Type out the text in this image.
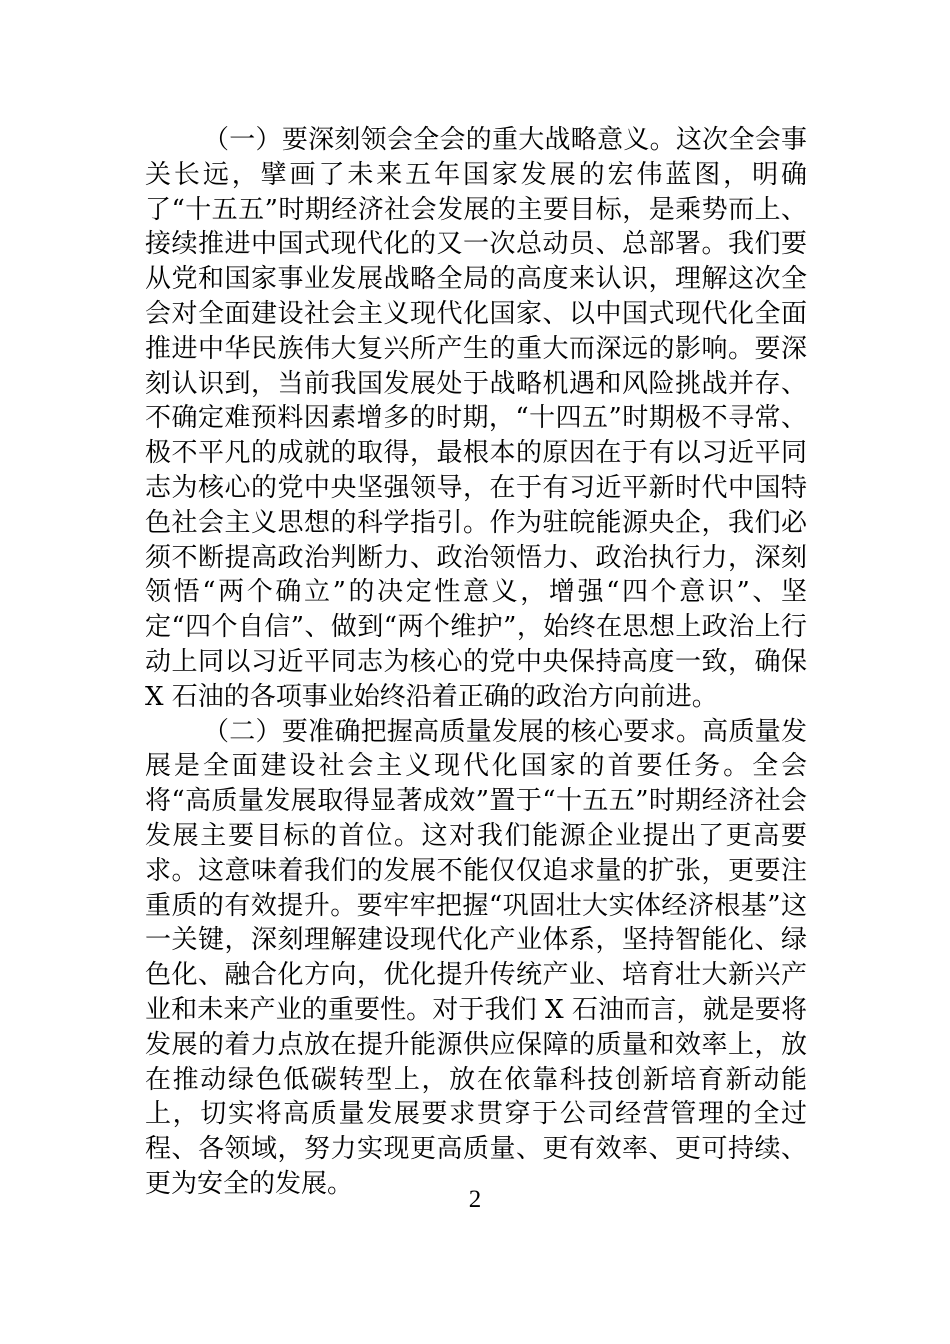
（一）要深刻领会全会的重大战略意义。这次全会事关长远，擘画了未来五年国家发展的宏伟蓝图，明确了“十五五”时期经济社会发展的主要目标，是乘势而上、接续推进中国式现代化的又一次总动员、总部署。我们要从党和国家事业发展战略全局的高度来认识，理解这次全会对全面建设社会主义现代化国家、以中国式现代化全面推进中华民族伟大复兴所产生的重大而深远的影响。要深刻认识到，当前我国发展处于战略机遇和风险挑战并存、不确定难预料因素增多的时期，“十四五”时期极不寻常、极不平凡的成就的取得，最根本的原因在于有以习近平同志为核心的党中央坚强领导，在于有习近平新时代中国特色社会主义思想的科学指引。作为驻皖能源央企，我们必须不断提高政治判断力、政治领悟力、政治执行力，深刻领悟“两个确立”的决定性意义，增强“四个意识”、坚定“四个自信”、做到“两个维护”，始终在思想上政治上行动上同以习近平同志为核心的党中央保持高度一致，确保 X 石油的各项事业始终沿着正确的政治方向前进。

（二）要准确把握高质量发展的核心要求。高质量发展是全面建设社会主义现代化国家的首要任务。全会将“高质量发展取得显著成效”置于“十五五”时期经济社会发展主要目标的首位。这对我们能源企业提出了更高要求。这意味着我们的发展不能仅仅追求量的扩张，更要注重质的有效提升。要牢牢把握“巩固壮大实体经济根基”这一关键，深刻理解建设现代化产业体系，坚持智能化、绿色化、融合化方向，优化提升传统产业、培育壮大新兴产业和未来产业的重要性。对于我们 X 石油而言，就是要将发展的着力点放在提升能源供应保障的质量和效率上，放在推动绿色低碳转型上，放在依靠科技创新培育新动能上，切实将高质量发展要求贯穿于公司经营管理的全过程、各领域，努力实现更高质量、更有效率、更可持续、更为安全的发展。

2
